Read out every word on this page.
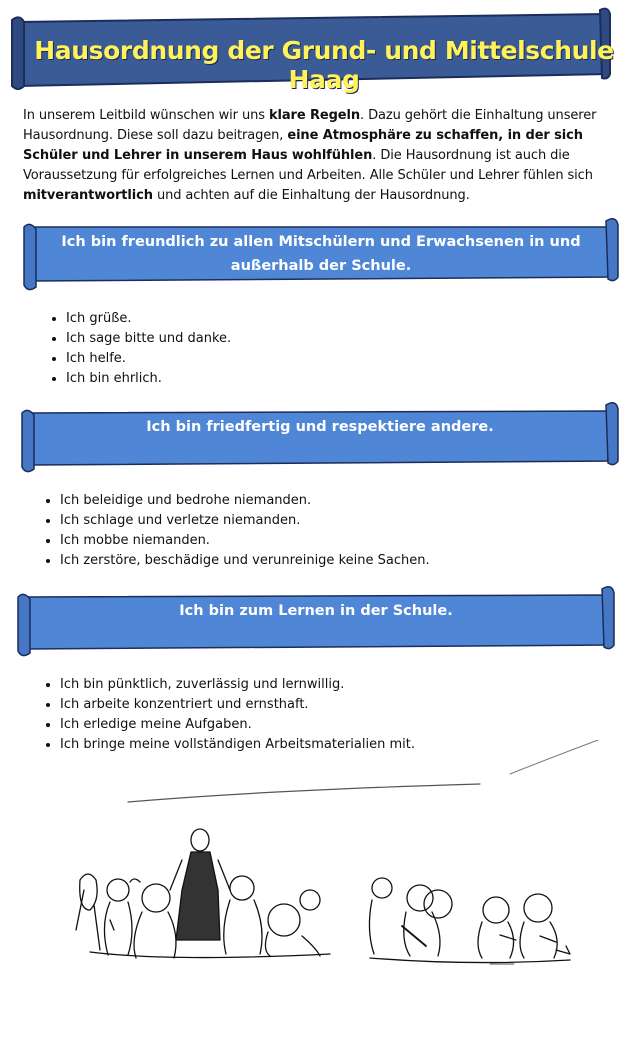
Hausordnung der Grund- und Mittelschule Haag
In unserem Leitbild wünschen wir uns klare Regeln. Dazu gehört die Einhaltung unserer Hausordnung. Diese soll dazu beitragen, eine Atmosphäre zu schaffen, in der sich Schüler und Lehrer in unserem Haus wohlfühlen. Die Hausordnung ist auch die Voraussetzung für erfolgreiches Lernen und Arbeiten. Alle Schüler und Lehrer fühlen sich mitverantwortlich und achten auf die Einhaltung der Hausordnung.
Ich bin freundlich zu allen Mitschülern und Erwachsenen in und außerhalb der Schule.
• Ich grüße.
• Ich sage bitte und danke.
• Ich helfe.
• Ich bin ehrlich.
Ich bin friedfertig und respektiere andere.
• Ich beleidige und bedrohe niemanden.
• Ich schlage und verletze niemanden.
• Ich mobbe niemanden.
• Ich zerstöre, beschädige und verunreinige keine Sachen.
Ich bin zum Lernen in der Schule.
• Ich bin pünktlich, zuverlässig und lernwillig.
• Ich arbeite konzentriert und ernsthaft.
• Ich erledige meine Aufgaben.
• Ich bringe meine vollständigen Arbeitsmaterialien mit.
